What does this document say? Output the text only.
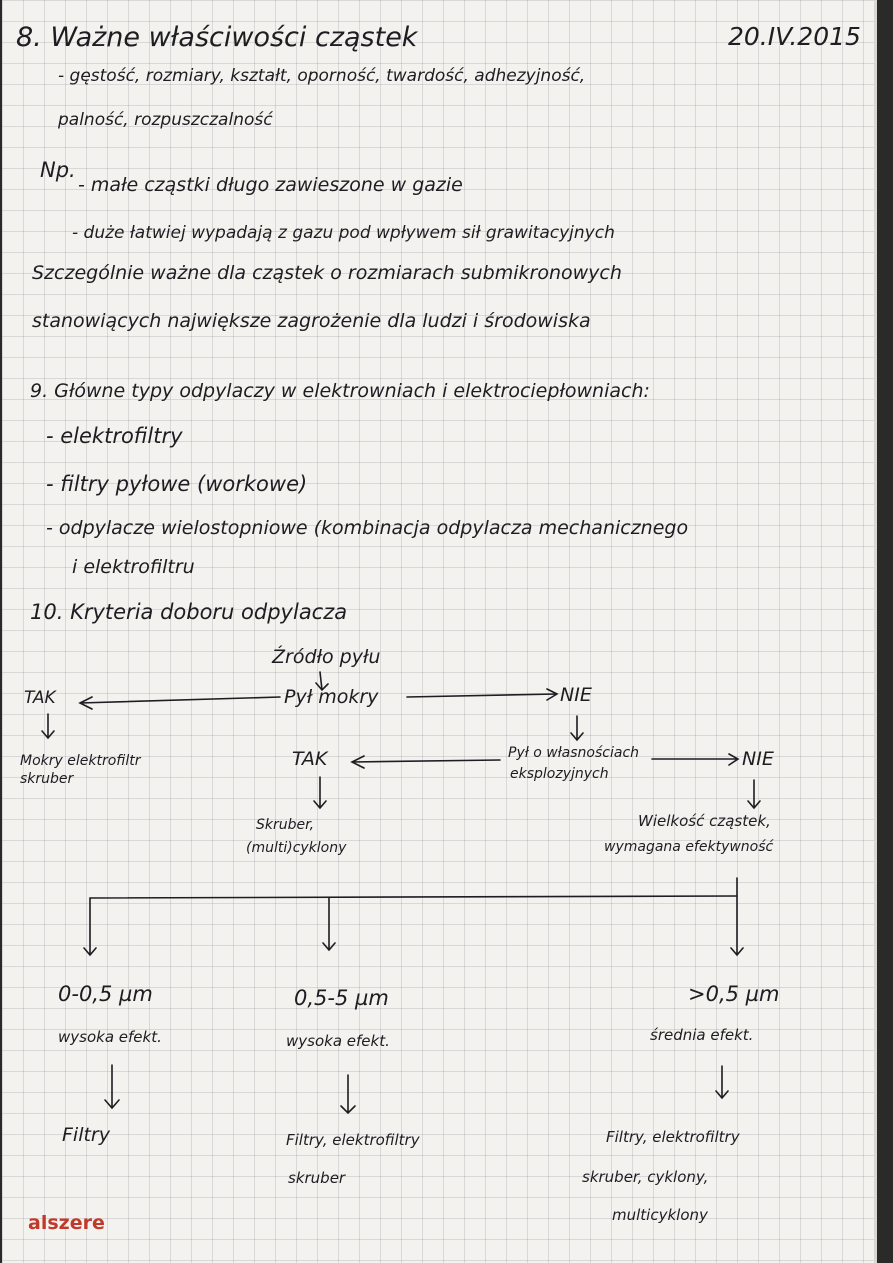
8. Ważne właściwości cząstek	20.IV.2015
- gęstość, rozmiary, kształt, oporność, twardość, adhezyjność,
palność, rozpuszczalność
Np.
- małe cząstki długo zawieszone w gazie
- duże łatwiej wypadają z gazu pod wpływem sił grawitacyjnych
Szczególnie ważne dla cząstek o rozmiarach submikronowych
stanowiących największe zagrożenie dla ludzi i środowiska
9. Główne typy odpylaczy w elektrowniach i elektrociepłowniach:
- elektrofiltry
- filtry pyłowe (workowe)
- odpylacze wielostopniowe (kombinacja odpylacza mechanicznego
i elektrofiltru
10. Kryteria doboru odpylacza
Źródło pyłu
Pył mokry
TAK	NIE
Mokry elektrofiltr
skruber
TAK	Pył o własnościach
eksplozyjnych
NIE
Skruber,
(multi)cyklony
Wielkość cząstek,
wymagana efektywność
0-0,5 µm
wysoka efekt.
Filtry
0,5-5 µm
wysoka efekt.
Filtry, elektrofiltry
skruber
>0,5 µm
średnia efekt.
Filtry, elektrofiltry
skruber, cyklony,
multicyklony
alszere
